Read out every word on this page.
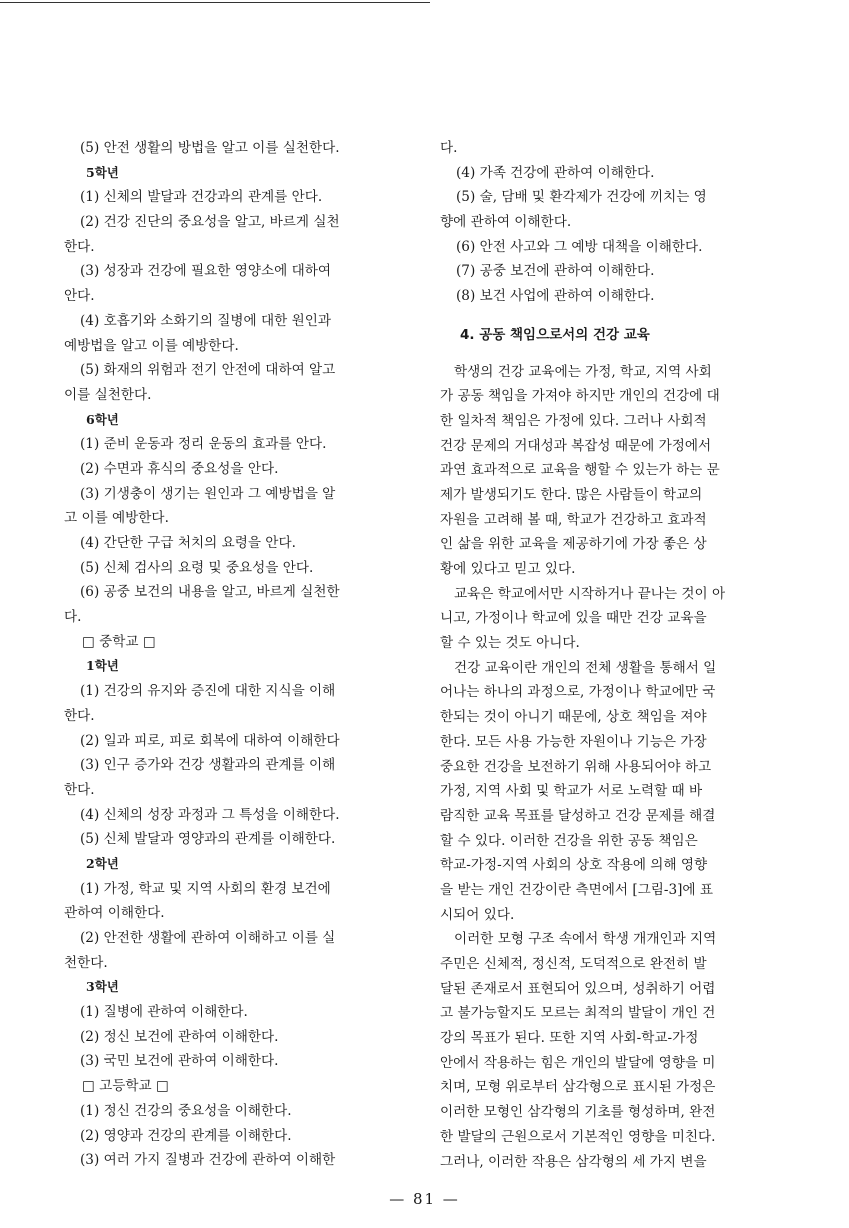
(5) 안전 생활의 방법을 알고 이를 실천한다.
5학년
(1) 신체의 발달과 건강과의 관계를 안다.
(2) 건강 진단의 중요성을 알고, 바르게 실천
한다.
(3) 성장과 건강에 필요한 영양소에 대하여
안다.
(4) 호흡기와 소화기의 질병에 대한 원인과
예방법을 알고 이를 예방한다.
(5) 화재의 위험과 전기 안전에 대하여 알고
이를 실천한다.
6학년
(1) 준비 운동과 정리 운동의 효과를 안다.
(2) 수면과 휴식의 중요성을 안다.
(3) 기생충이 생기는 원인과 그 예방법을 알
고 이를 예방한다.
(4) 간단한 구급 처치의 요령을 안다.
(5) 신체 검사의 요령 및 중요성을 안다.
(6) 공중 보건의 내용을 알고, 바르게 실천한
다.
□ 중학교 □
1학년
(1) 건강의 유지와 증진에 대한 지식을 이해
한다.
(2) 일과 피로, 피로 회복에 대하여 이해한다
(3) 인구 증가와 건강 생활과의 관계를 이해
한다.
(4) 신체의 성장 과정과 그 특성을 이해한다.
(5) 신체 발달과 영양과의 관계를 이해한다.
2학년
(1) 가정, 학교 및 지역 사회의 환경 보건에
관하여 이해한다.
(2) 안전한 생활에 관하여 이해하고 이를 실
천한다.
3학년
(1) 질병에 관하여 이해한다.
(2) 정신 보건에 관하여 이해한다.
(3) 국민 보건에 관하여 이해한다.
□ 고등학교 □
(1) 정신 건강의 중요성을 이해한다.
(2) 영양과 건강의 관계를 이해한다.
(3) 여러 가지 질병과 건강에 관하여 이해한
다.
(4) 가족 건강에 관하여 이해한다.
(5) 술, 담배 및 환각제가 건강에 끼치는 영
향에 관하여 이해한다.
(6) 안전 사고와 그 예방 대책을 이해한다.
(7) 공중 보건에 관하여 이해한다.
(8) 보건 사업에 관하여 이해한다.
4. 공동 책임으로서의 건강 교육
학생의 건강 교육에는 가정, 학교, 지역 사회
가 공동 책임을 가져야 하지만 개인의 건강에 대
한 일차적 책임은 가정에 있다. 그러나 사회적
건강 문제의 거대성과 복잡성 때문에 가정에서
과연 효과적으로 교육을 행할 수 있는가 하는 문
제가 발생되기도 한다. 많은 사람들이 학교의
자원을 고려해 볼 때, 학교가 건강하고 효과적
인 삶을 위한 교육을 제공하기에 가장 좋은 상
황에 있다고 믿고 있다.
교육은 학교에서만 시작하거나 끝나는 것이 아
니고, 가정이나 학교에 있을 때만 건강 교육을
할 수 있는 것도 아니다.
건강 교육이란 개인의 전체 생활을 통해서 일
어나는 하나의 과정으로, 가정이나 학교에만 국
한되는 것이 아니기 때문에, 상호 책임을 져야
한다. 모든 사용 가능한 자원이나 기능은 가장
중요한 건강을 보전하기 위해 사용되어야 하고
가정, 지역 사회 및 학교가 서로 노력할 때 바
람직한 교육 목표를 달성하고 건강 문제를 해결
할 수 있다. 이러한 건강을 위한 공동 책임은
학교-가정-지역 사회의 상호 작용에 의해 영향
을 받는 개인 건강이란 측면에서 [그림-3]에 표
시되어 있다.
이러한 모형 구조 속에서 학생 개개인과 지역
주민은 신체적, 정신적, 도덕적으로 완전히 발
달된 존재로서 표현되어 있으며, 성취하기 어렵
고 불가능할지도 모르는 최적의 발달이 개인 건
강의 목표가 된다. 또한 지역 사회-학교-가정
안에서 작용하는 힘은 개인의 발달에 영향을 미
치며, 모형 위로부터 삼각형으로 표시된 가정은
이러한 모형인 삼각형의 기초를 형성하며, 완전
한 발달의 근원으로서 기본적인 영향을 미친다.
그러나, 이러한 작용은 삼각형의 세 가지 변을
— 81 —
